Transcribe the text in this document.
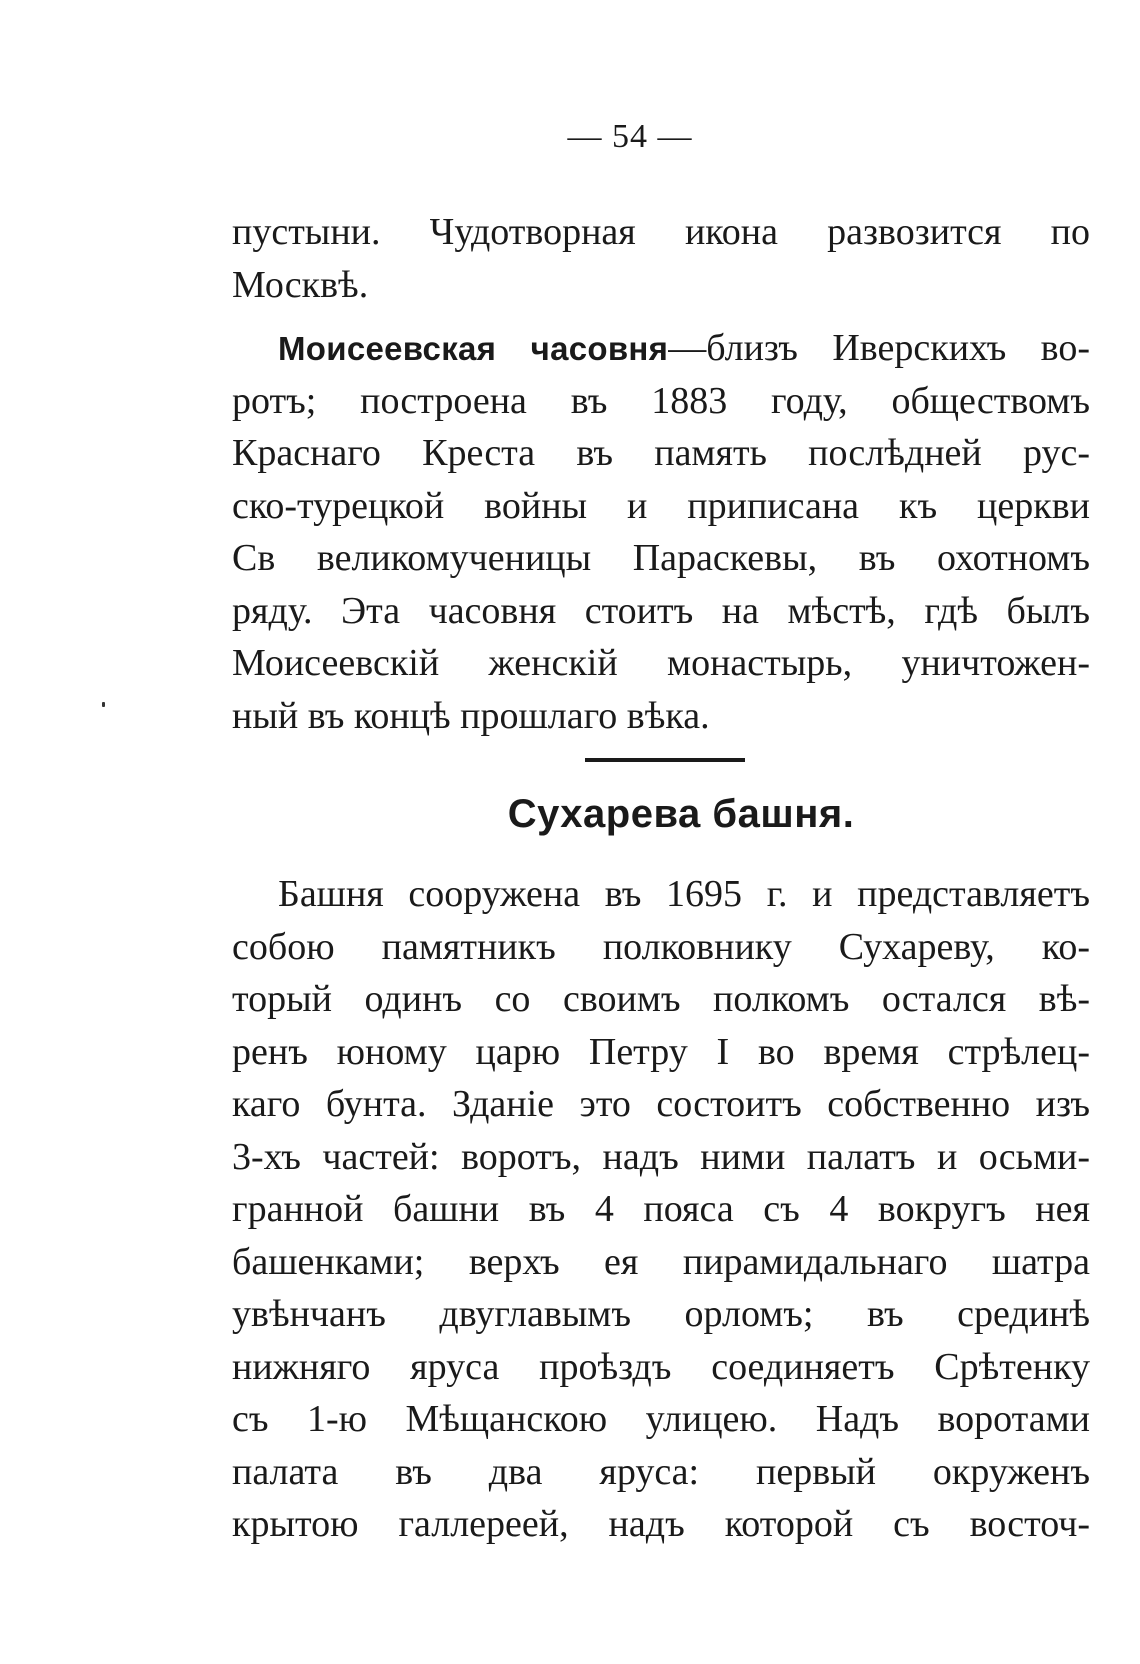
— 54 —
пустыни. Чудотворная икона развозится по
Москвѣ.
Моисеевская часовня—близъ Иверскихъ во-
ротъ; построена въ 1883 году, обществомъ
Краснаго Креста въ память послѣдней рус-
ско-турецкой войны и приписана къ церкви
Св великомученицы Параскевы, въ охотномъ
ряду. Эта часовня стоитъ на мѣстѣ, гдѣ былъ
Моисеевскій женскій монастырь, уничтожен-
ный въ концѣ прошлаго вѣка.
Сухарева башня.
Башня сооружена въ 1695 г. и представляетъ
собою памятникъ полковнику Сухареву, ко-
торый одинъ со своимъ полкомъ остался вѣ-
ренъ юному царю Петру I во время стрѣлец-
каго бунта. Зданіе это состоитъ собственно изъ
3-хъ частей: воротъ, надъ ними палатъ и осьми-
гранной башни въ 4 пояса съ 4 вокругъ нея
башенками; верхъ ея пирамидальнаго шатра
увѣнчанъ двуглавымъ орломъ; въ срединѣ
нижняго яруса проѣздъ соединяетъ Срѣтенку
съ 1-ю Мѣщанскою улицею. Надъ воротами
палата въ два яруса: первый окруженъ
крытою галлереей, надъ которой съ восточ-
